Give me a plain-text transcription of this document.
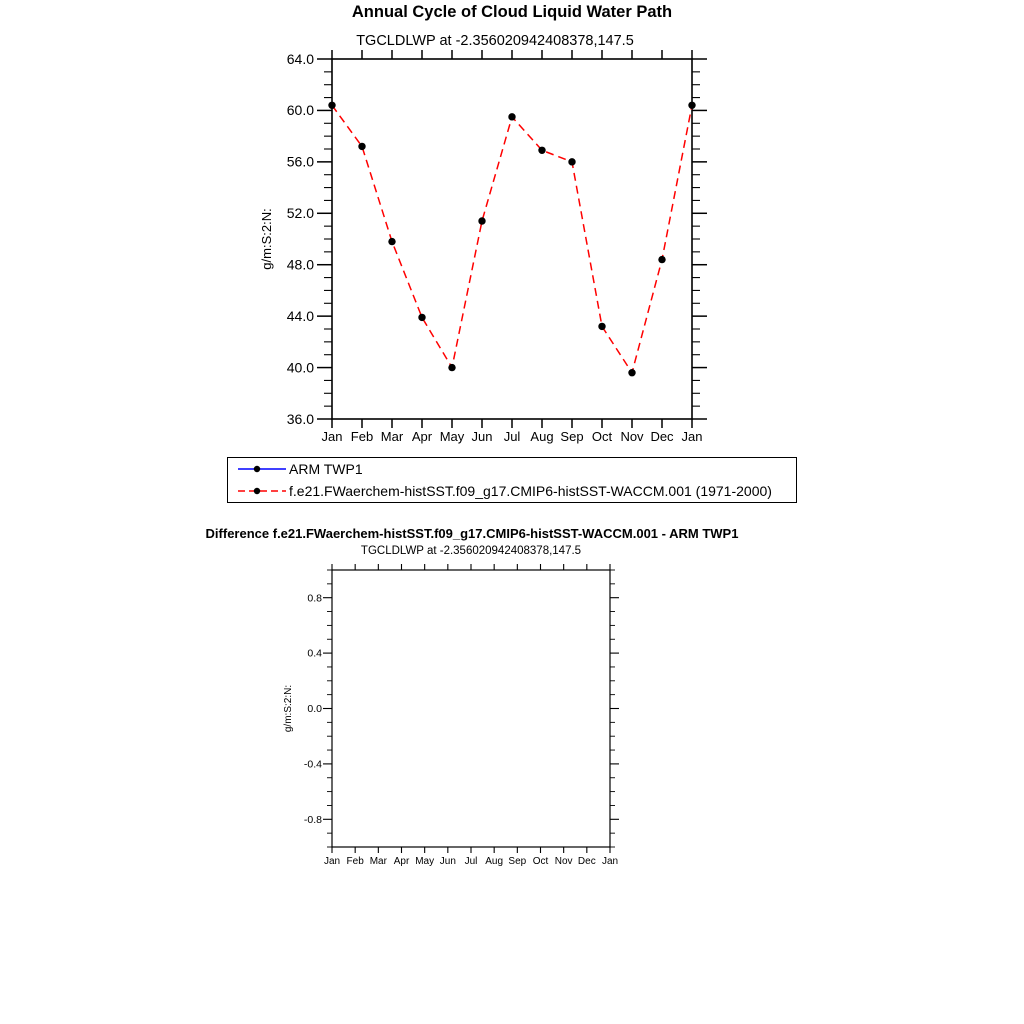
Annual Cycle of Cloud Liquid Water Path
TGCLDLWP at -2.356020942408378,147.5
36.0
40.0
44.0
48.0
52.0
56.0
60.0
64.0
Jan Feb Mar Apr May Jun Jul Aug Sep Oct Nov Dec Jan
g/m:S:2:N:
-0.8
-0.4
0.0
0.4
0.8
Jan Feb Mar Apr May Jun Jul Aug Sep Oct Nov Dec Jan
g/m:S:2:N:
ARM TWP1
f.e21.FWaerchem-histSST.f09_g17.CMIP6-histSST-WACCM.001 (1971-2000)
Difference f.e21.FWaerchem-histSST.f09_g17.CMIP6-histSST-WACCM.001 - ARM TWP1
TGCLDLWP at -2.356020942408378,147.5
